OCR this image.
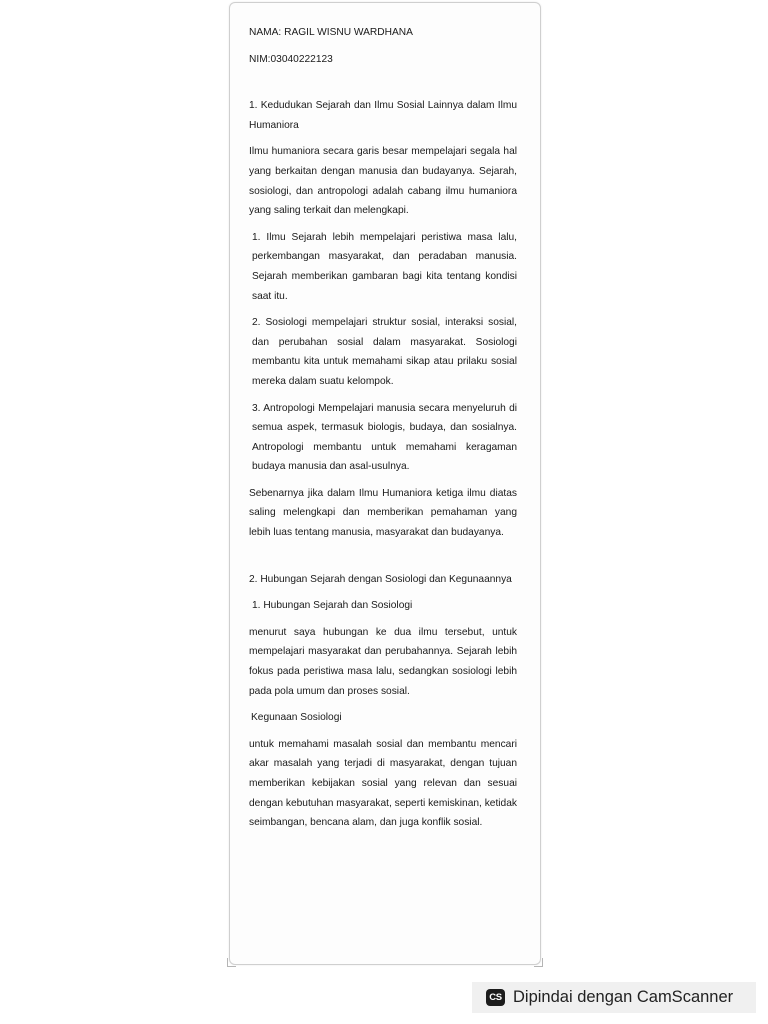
NAMA: RAGIL WISNU WARDHANA

NIM:03040222123

1. Kedudukan Sejarah dan Ilmu Sosial Lainnya dalam Ilmu Humaniora

Ilmu humaniora secara garis besar mempelajari segala hal yang berkaitan dengan manusia dan budayanya. Sejarah, sosiologi, dan antropologi adalah cabang ilmu humaniora yang saling terkait dan melengkapi.

1. Ilmu Sejarah lebih mempelajari peristiwa masa lalu, perkembangan masyarakat, dan peradaban manusia. Sejarah memberikan gambaran bagi kita tentang kondisi saat itu.

2. Sosiologi mempelajari struktur sosial, interaksi sosial, dan perubahan sosial dalam masyarakat. Sosiologi membantu kita untuk memahami sikap atau prilaku sosial mereka dalam suatu kelompok.

3. Antropologi Mempelajari manusia secara menyeluruh di semua aspek, termasuk biologis, budaya, dan sosialnya. Antropologi membantu untuk memahami keragaman budaya manusia dan asal-usulnya.

Sebenarnya jika dalam Ilmu Humaniora ketiga ilmu diatas saling melengkapi dan memberikan pemahaman yang lebih luas tentang manusia, masyarakat dan budayanya.

2. Hubungan Sejarah dengan Sosiologi dan Kegunaannya

1. Hubungan Sejarah dan Sosiologi

menurut saya hubungan ke dua ilmu tersebut, untuk mempelajari masyarakat dan perubahannya. Sejarah lebih fokus pada peristiwa masa lalu, sedangkan sosiologi lebih pada pola umum dan proses sosial.

Kegunaan Sosiologi

untuk memahami masalah sosial dan membantu mencari akar masalah yang terjadi di masyarakat, dengan tujuan memberikan kebijakan sosial yang relevan dan sesuai dengan kebutuhan masyarakat, seperti kemiskinan, ketidak seimbangan, bencana alam, dan juga konflik sosial.

CS Dipindai dengan CamScanner
